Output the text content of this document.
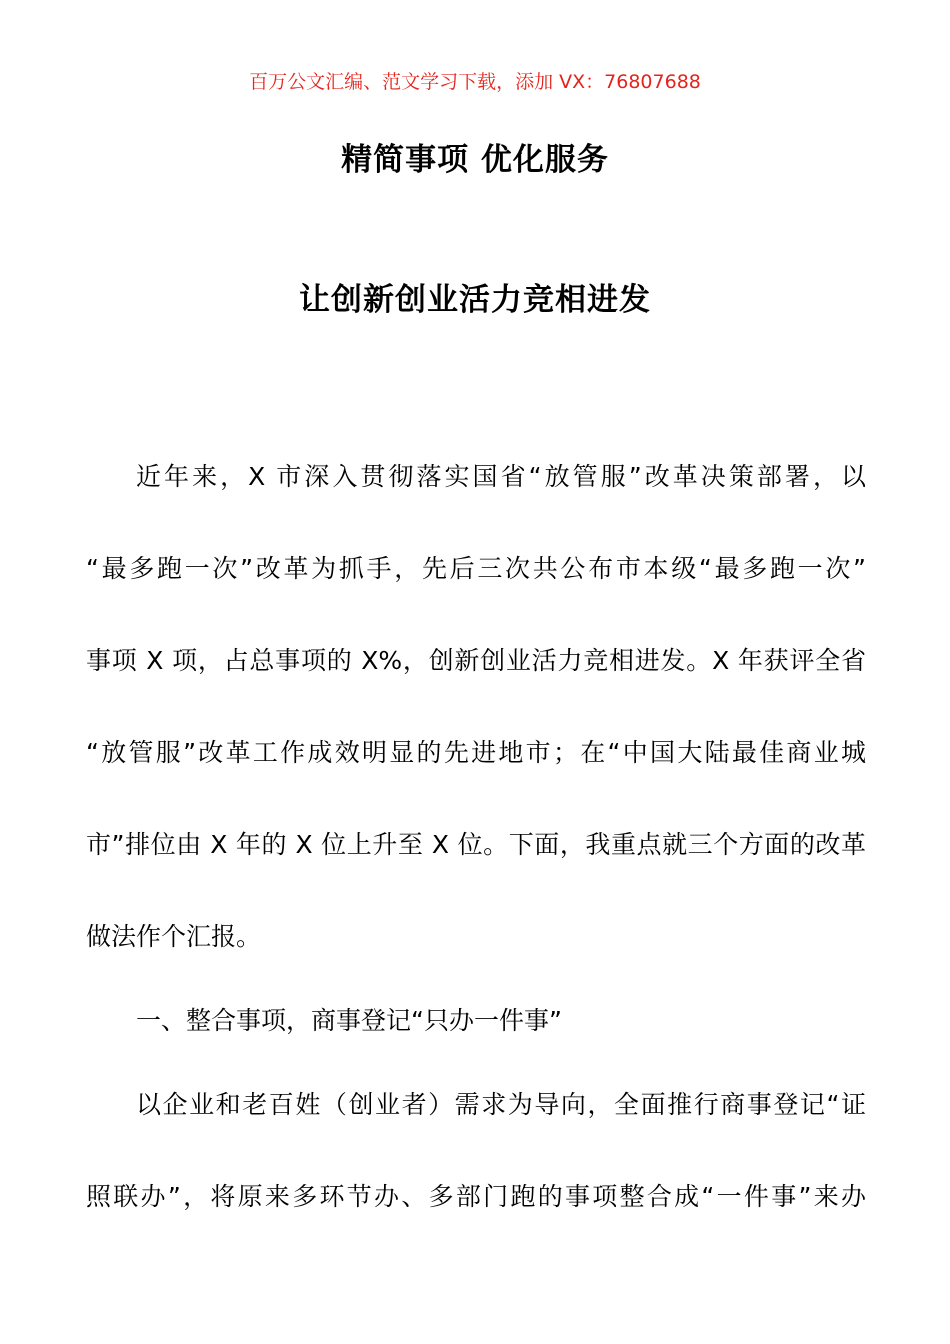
百万公文汇编、范文学习下载，添加 VX：76807688
精简事项 优化服务
让创新创业活力竞相进发
近年来，X 市深入贯彻落实国省“放管服”改革决策部署，以
“最多跑一次”改革为抓手，先后三次共公布市本级“最多跑一次”
事项 X 项，占总事项的 X%，创新创业活力竞相进发。X 年获评全省
“放管服”改革工作成效明显的先进地市；在“中国大陆最佳商业城
市”排位由 X 年的 X 位上升至 X 位。下面，我重点就三个方面的改革
做法作个汇报。
一、整合事项，商事登记“只办一件事”
以企业和老百姓（创业者）需求为导向，全面推行商事登记“证
照联办”，将原来多环节办、多部门跑的事项整合成“一件事”来办
